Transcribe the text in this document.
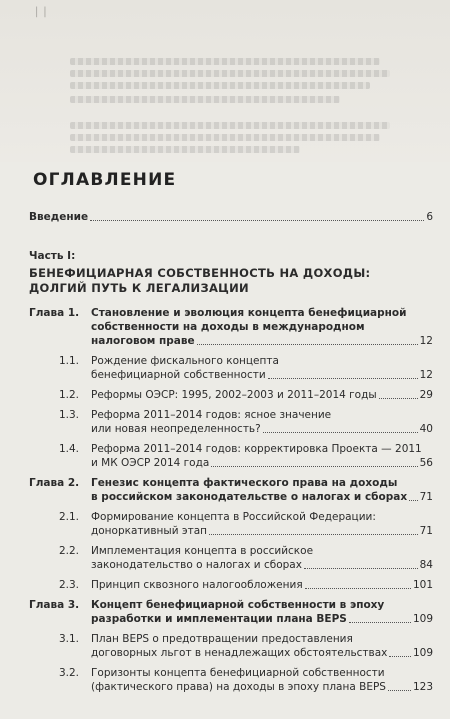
│ │
ОГЛАВЛЕНИЕ
Введение	6
Часть I:
БЕНЕФИЦИАРНАЯ СОБСТВЕННОСТЬ НА ДОХОДЫ:
ДОЛГИЙ ПУТЬ К ЛЕГАЛИЗАЦИИ
Глава 1.	Становление и эволюция концепта бенефициарной
собственности на доходы в международном
налоговом праве	12
1.1.	Рождение фискального концепта
бенефициарной собственности	12
1.2.	Реформы ОЭСР: 1995, 2002–2003 и 2011–2014 годы	29
1.3.	Реформа 2011–2014 годов: ясное значение
или новая неопределенность?	40
1.4.	Реформа 2011–2014 годов: корректировка Проекта — 2011
и МК ОЭСР 2014 года	56
Глава 2.	Генезис концепта фактического права на доходы
в российском законодательстве о налогах и сборах 71
2.1.	Формирование концепта в Российской Федерации:
доноркативный этап	71
2.2.	Имплементация концепта в российское
законодательство о налогах и сборах	84
2.3.	Принцип сквозного налогообложения	101
Глава 3.	Концепт бенефициарной собственности в эпоху
разработки и имплементации плана BEPS	109
3.1.	План BEPS о предотвращении предоставления
договорных льгот в ненадлежащих обстоятельствах 109
3.2.	Горизонты концепта бенефициарной собственности
(фактического права) на доходы в эпоху плана BEPS	123
